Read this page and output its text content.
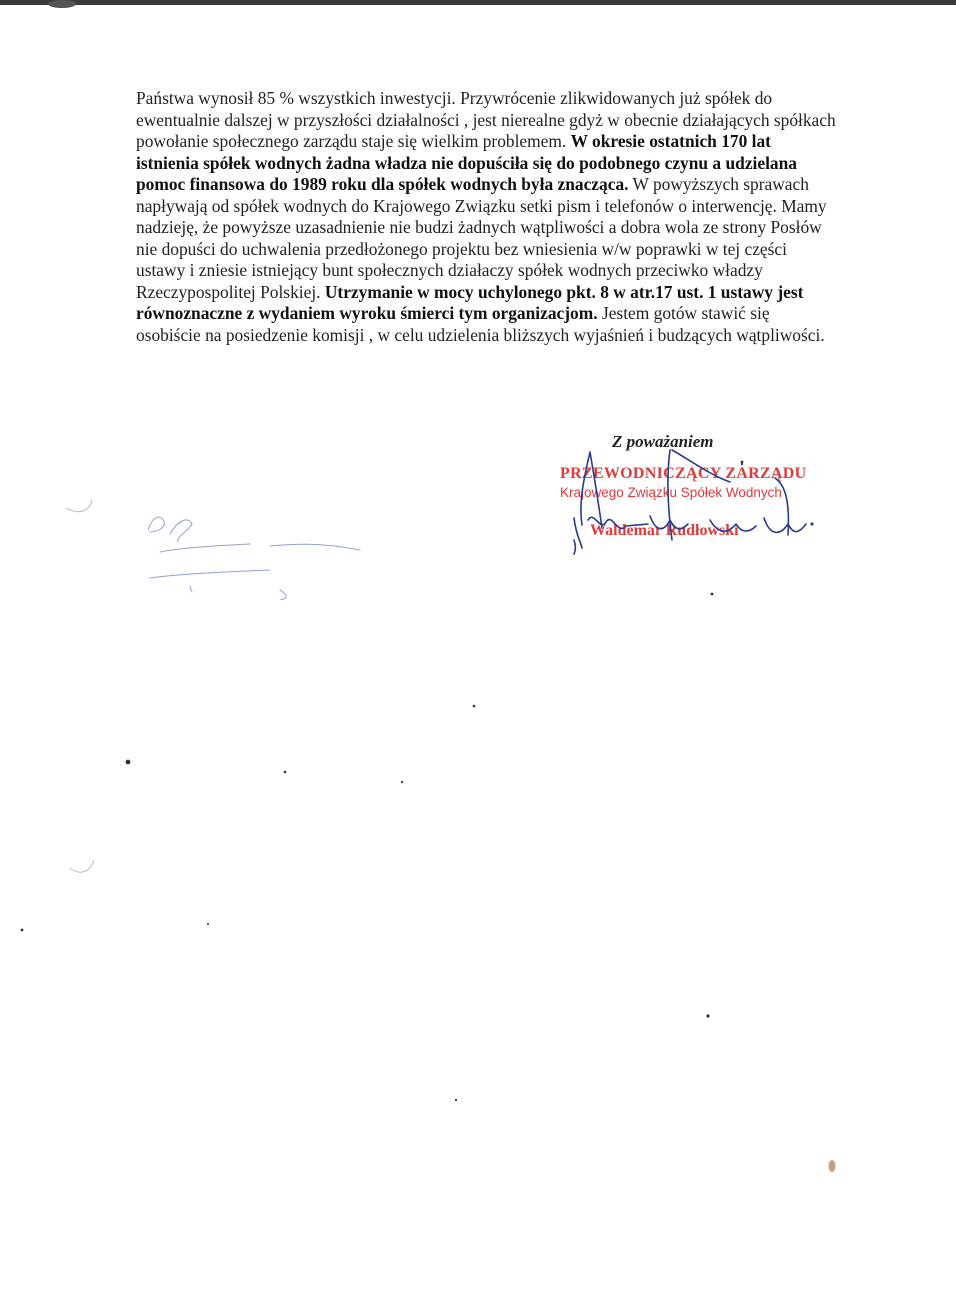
Państwa wynosił 85 % wszystkich inwestycji. Przywrócenie zlikwidowanych już spółek do ewentualnie dalszej w przyszłości działalności , jest nierealne gdyż w obecnie działających spółkach powołanie społecznego zarządu staje się wielkim problemem. W okresie ostatnich 170 lat istnienia spółek wodnych żadna władza nie dopuściła się do podobnego czynu a udzielana pomoc finansowa do 1989 roku dla spółek wodnych była znacząca. W powyższych sprawach napływają od spółek wodnych do Krajowego Związku setki pism i telefonów o interwencję. Mamy nadzieję, że powyższe uzasadnienie nie budzi żadnych wątpliwości a dobra wola ze strony Posłów nie dopuści do uchwalenia przedłożonego projektu bez wniesienia w/w poprawki w tej części ustawy i zniesie istniejący bunt społecznych działaczy spółek wodnych przeciwko władzy Rzeczypospolitej Polskiej. Utrzymanie w mocy uchylonego pkt. 8 w atr.17 ust. 1 ustawy jest równoznaczne z wydaniem wyroku śmierci tym organizacjom. Jestem gotów stawić się osobiście na posiedzenie komisji , w celu udzielenia bliższych wyjaśnień i budzących wątpliwości.

Z poważaniem

PRZEWODNICZĄCY ZARZĄDU
Krajowego Związku Spółek Wodnych
Waldemar Rudłowski
